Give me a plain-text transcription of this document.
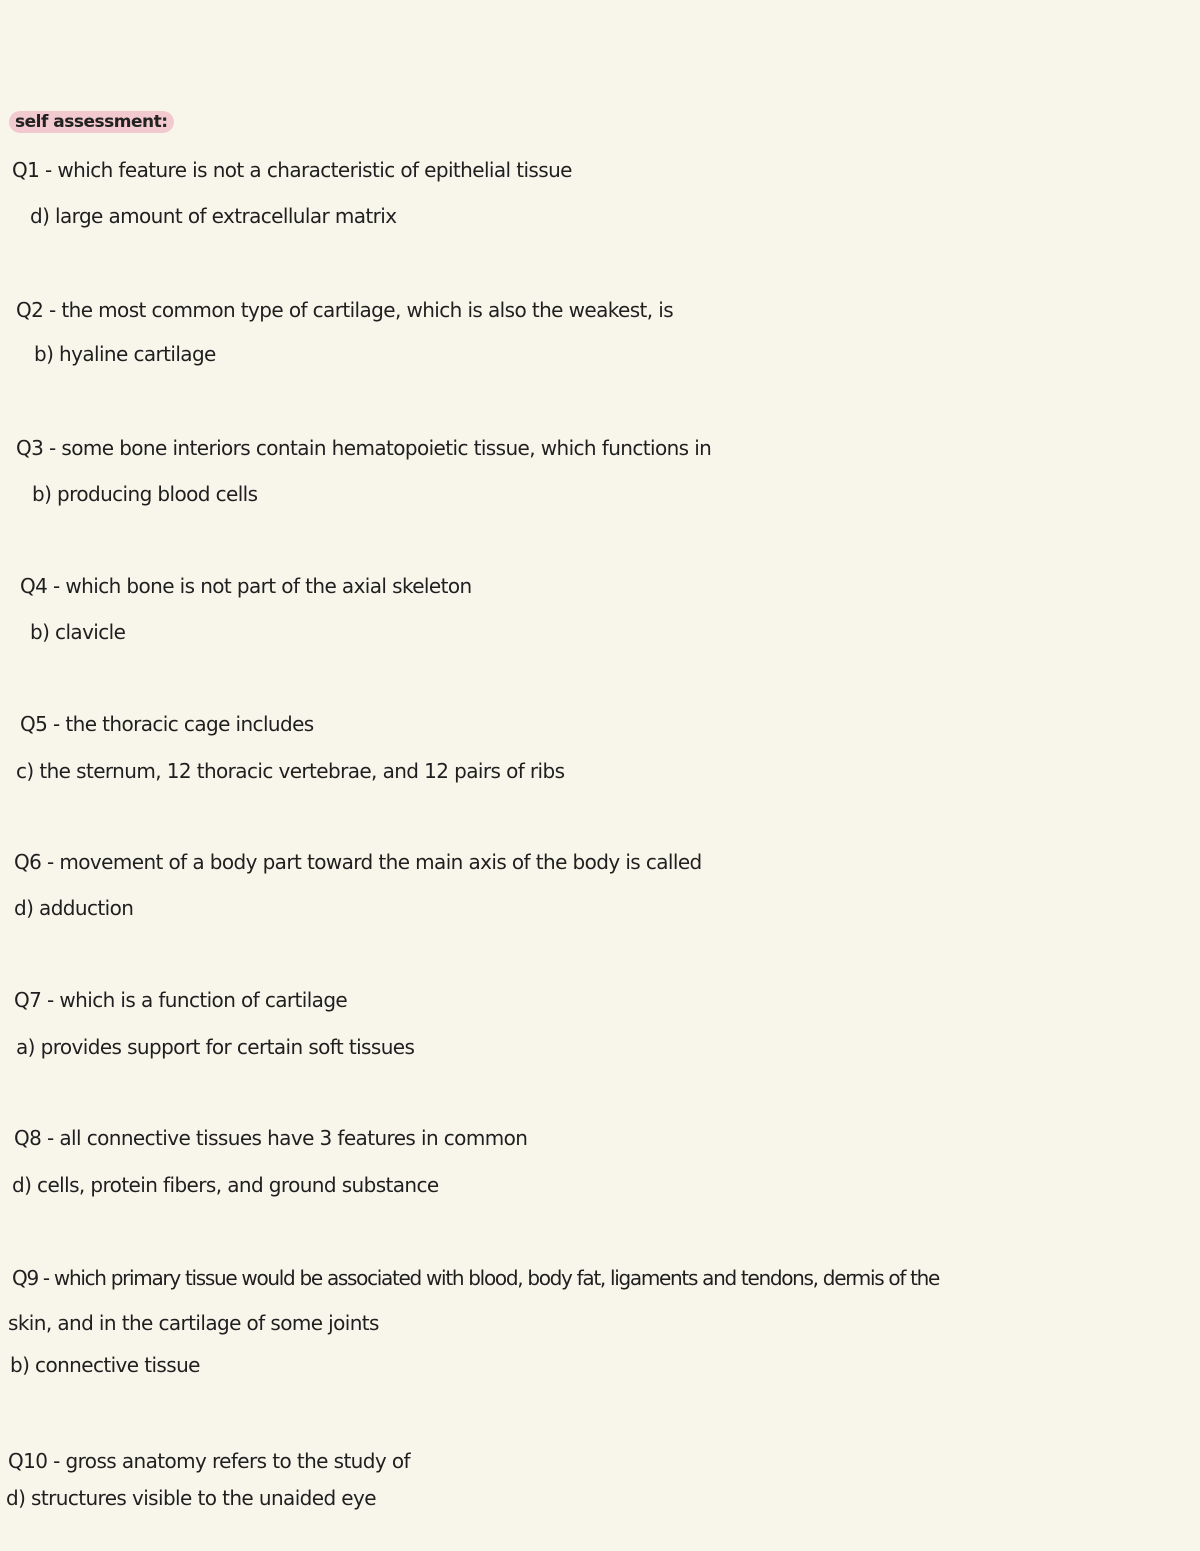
self assessment:
Q1 - which feature is not a characteristic of epithelial tissue
d) large amount of extracellular matrix
Q2 - the most common type of cartilage, which is also the weakest, is
b) hyaline cartilage
Q3 - some bone interiors contain hematopoietic tissue, which functions in
b) producing blood cells
Q4 - which bone is not part of the axial skeleton
b) clavicle
Q5 - the thoracic cage includes
c) the sternum, 12 thoracic vertebrae, and 12 pairs of ribs
Q6 - movement of a body part toward the main axis of the body is called
d) adduction
Q7 - which is a function of cartilage
a) provides support for certain soft tissues
Q8 - all connective tissues have 3 features in common
d) cells, protein fibers, and ground substance
Q9 - which primary tissue would be associated with blood, body fat, ligaments and tendons, dermis of the
skin, and in the cartilage of some joints
b) connective tissue
Q10 - gross anatomy refers to the study of
d) structures visible to the unaided eye
